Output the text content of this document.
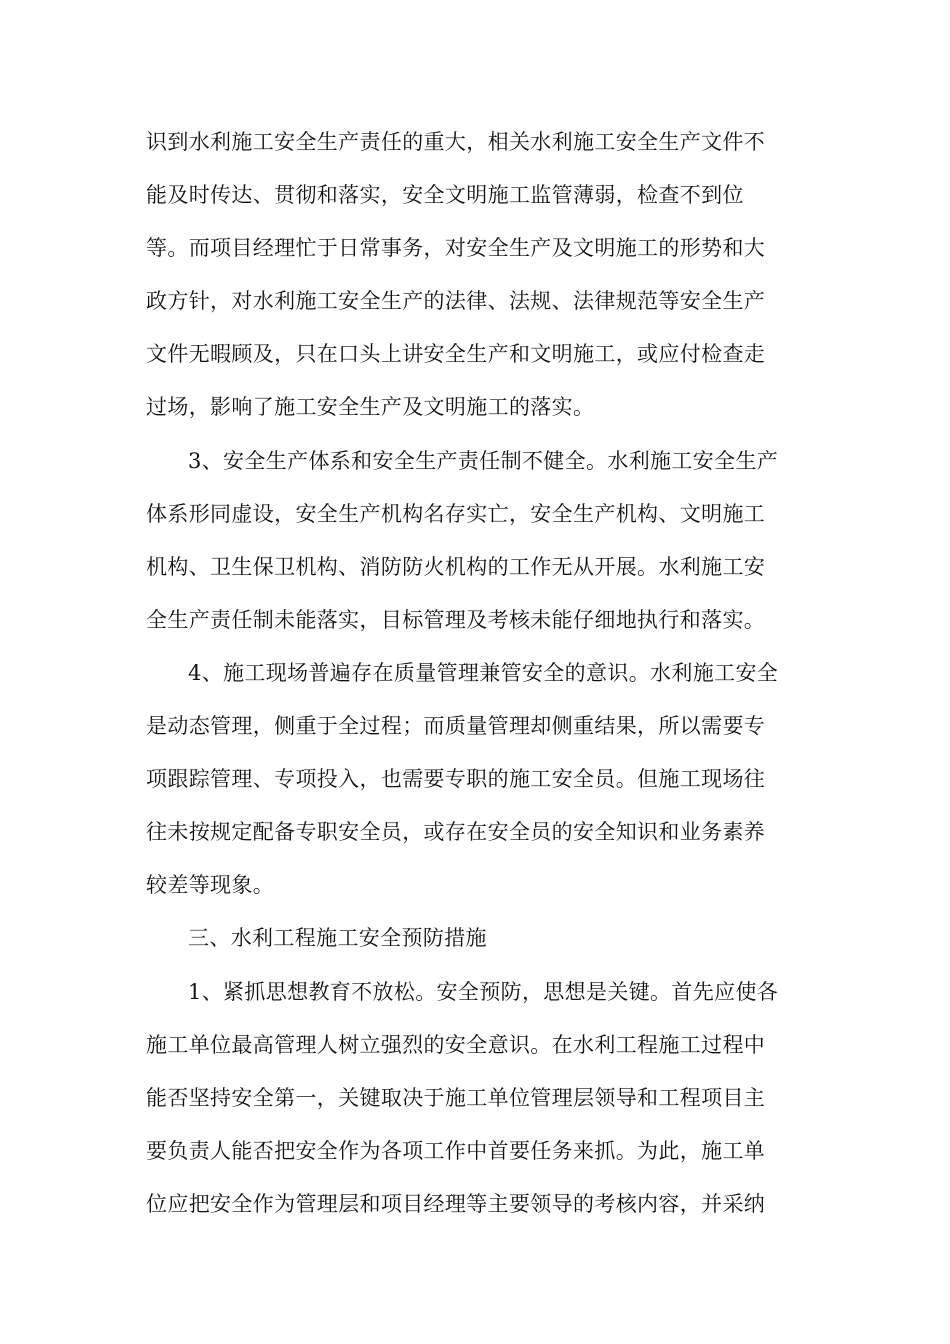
识到水利施工安全生产责任的重大，相关水利施工安全生产文件不
能及时传达、贯彻和落实，安全文明施工监管薄弱，检查不到位
等。而项目经理忙于日常事务，对安全生产及文明施工的形势和大
政方针，对水利施工安全生产的法律、法规、法律规范等安全生产
文件无暇顾及，只在口头上讲安全生产和文明施工，或应付检查走
过场，影响了施工安全生产及文明施工的落实。
3、安全生产体系和安全生产责任制不健全。水利施工安全生产
体系形同虚设，安全生产机构名存实亡，安全生产机构、文明施工
机构、卫生保卫机构、消防防火机构的工作无从开展。水利施工安
全生产责任制未能落实，目标管理及考核未能仔细地执行和落实。
4、施工现场普遍存在质量管理兼管安全的意识。水利施工安全
是动态管理，侧重于全过程；而质量管理却侧重结果，所以需要专
项跟踪管理、专项投入，也需要专职的施工安全员。但施工现场往
往未按规定配备专职安全员，或存在安全员的安全知识和业务素养
较差等现象。
三、水利工程施工安全预防措施
1、紧抓思想教育不放松。安全预防，思想是关键。首先应使各
施工单位最高管理人树立强烈的安全意识。在水利工程施工过程中
能否坚持安全第一，关键取决于施工单位管理层领导和工程项目主
要负责人能否把安全作为各项工作中首要任务来抓。为此，施工单
位应把安全作为管理层和项目经理等主要领导的考核内容，并采纳
